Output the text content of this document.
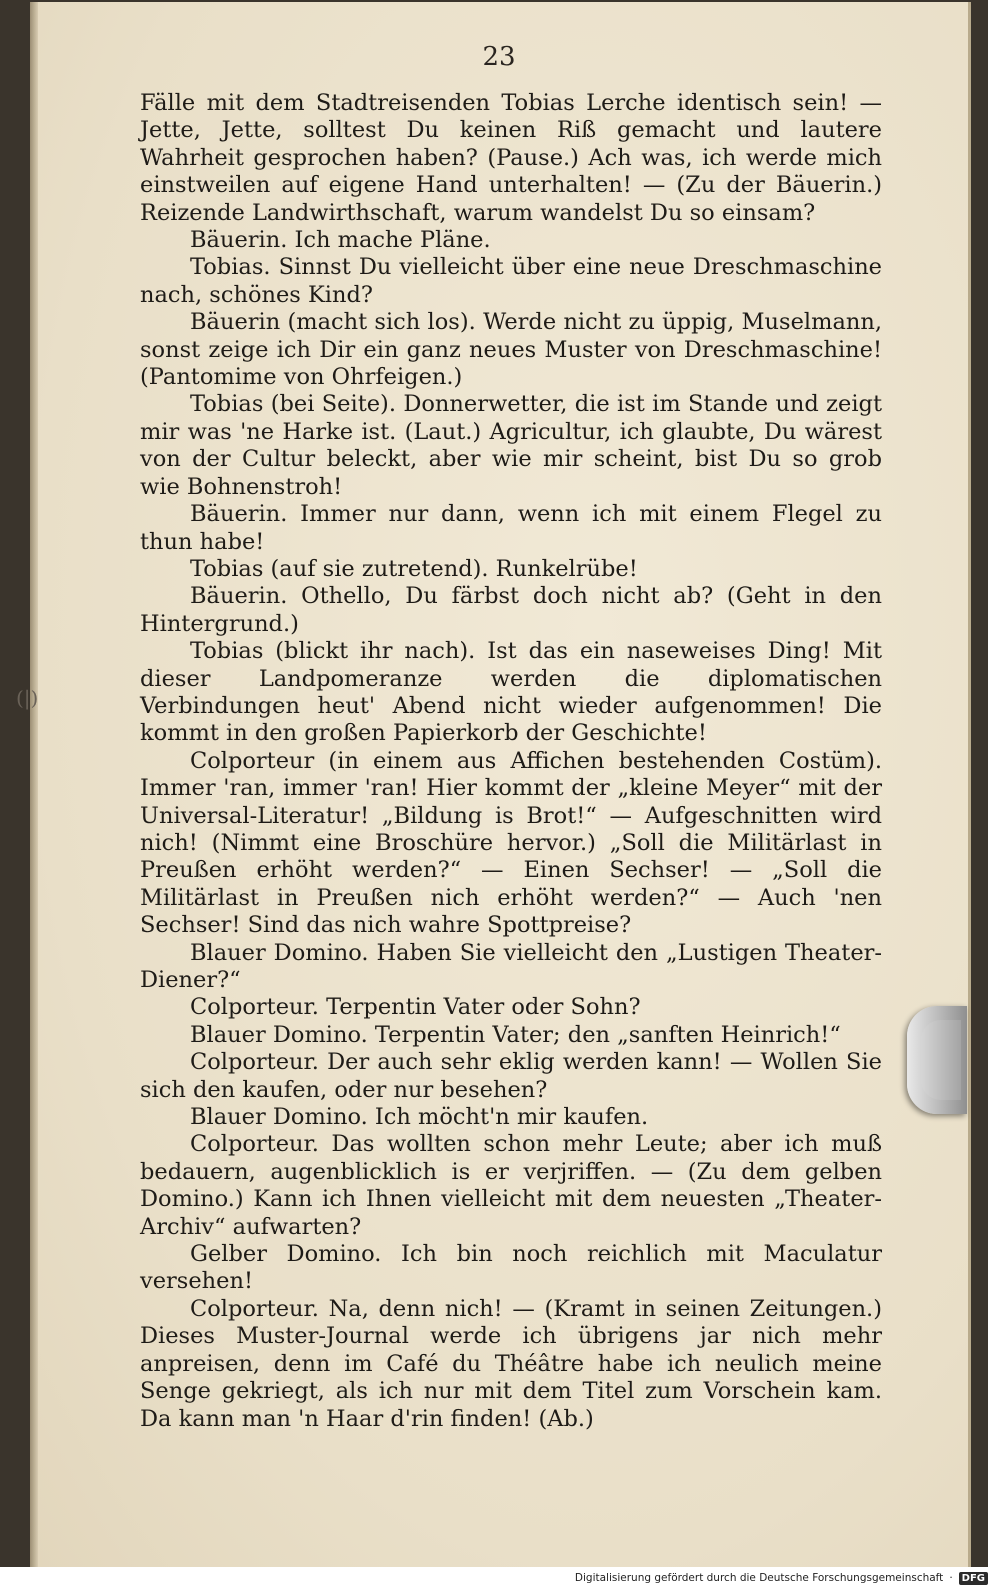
23

Fälle mit dem Stadtreisenden Tobias Lerche identisch sein! — Jette, Jette, solltest Du keinen Riß gemacht und lautere Wahrheit gesprochen haben? (Pause.) Ach was, ich werde mich einstweilen auf eigene Hand unterhalten! — (Zu der Bäuerin.) Reizende Landwirthschaft, warum wandelst Du so einsam?

Bäuerin. Ich mache Pläne.

Tobias. Sinnst Du vielleicht über eine neue Dreschmaschine nach, schönes Kind?

Bäuerin (macht sich los). Werde nicht zu üppig, Muselmann, sonst zeige ich Dir ein ganz neues Muster von Dreschmaschine! (Pantomime von Ohrfeigen.)

Tobias (bei Seite). Donnerwetter, die ist im Stande und zeigt mir was 'ne Harke ist. (Laut.) Agricultur, ich glaubte, Du wärest von der Cultur beleckt, aber wie mir scheint, bist Du so grob wie Bohnenstroh!

Bäuerin. Immer nur dann, wenn ich mit einem Flegel zu thun habe!

Tobias (auf sie zutretend). Runkelrübe!

Bäuerin. Othello, Du färbst doch nicht ab? (Geht in den Hintergrund.)

Tobias (blickt ihr nach). Ist das ein naseweises Ding! Mit dieser Landpomeranze werden die diplomatischen Verbindungen heut' Abend nicht wieder aufgenommen! Die kommt in den großen Papierkorb der Geschichte!

Colporteur (in einem aus Affichen bestehenden Costüm). Immer 'ran, immer 'ran! Hier kommt der „kleine Meyer“ mit der Universal-Literatur! „Bildung is Brot!“ — Aufgeschnitten wird nich! (Nimmt eine Broschüre hervor.) „Soll die Militärlast in Preußen erhöht werden?“ — Einen Sechser! — „Soll die Militärlast in Preußen nich erhöht werden?“ — Auch 'nen Sechser! Sind das nich wahre Spottpreise?

Blauer Domino. Haben Sie vielleicht den „Lustigen Theater-Diener?“

Colporteur. Terpentin Vater oder Sohn?

Blauer Domino. Terpentin Vater; den „sanften Heinrich!“

Colporteur. Der auch sehr eklig werden kann! — Wollen Sie sich den kaufen, oder nur besehen?

Blauer Domino. Ich möcht'n mir kaufen.

Colporteur. Das wollten schon mehr Leute; aber ich muß bedauern, augenblicklich is er verjriffen. — (Zu dem gelben Domino.) Kann ich Ihnen vielleicht mit dem neuesten „Theater-Archiv“ aufwarten?

Gelber Domino. Ich bin noch reichlich mit Maculatur versehen!

Colporteur. Na, denn nich! — (Kramt in seinen Zeitungen.) Dieses Muster-Journal werde ich übrigens jar nich mehr anpreisen, denn im Café du Théâtre habe ich neulich meine Senge gekriegt, als ich nur mit dem Titel zum Vorschein kam. Da kann man 'n Haar d'rin finden! (Ab.)

(|)
Digitalisierung gefördert durch die Deutsche Forschungsgemeinschaft · DFG
